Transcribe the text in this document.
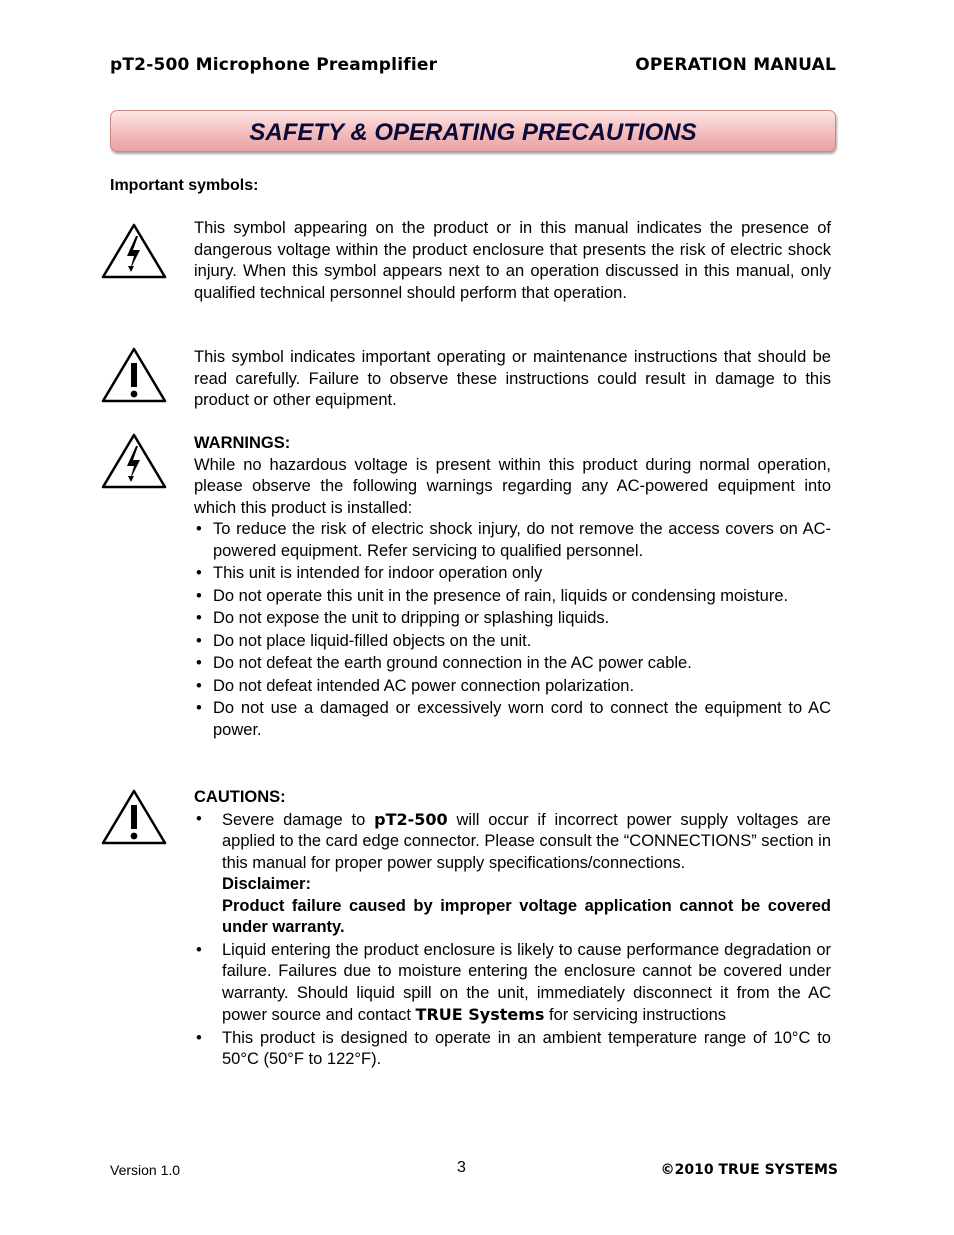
pT2-500 Microphone Preamplifier	OPERATION MANUAL
SAFETY & OPERATING PRECAUTIONS
Important symbols:
This symbol appearing on the product or in this manual indicates the presence of dangerous voltage within the product enclosure that presents the risk of electric shock injury. When this symbol appears next to an operation discussed in this manual, only qualified technical personnel should perform that operation.
This symbol indicates important operating or maintenance instructions that should be read carefully. Failure to observe these instructions could result in damage to this product or other equipment.

WARNINGS:

While no hazardous voltage is present within this product during normal operation, please observe the following warnings regarding any AC-powered equipment into which this product is installed:

• To reduce the risk of electric shock injury, do not remove the access covers on AC-powered equipment. Refer servicing to qualified personnel.
• This unit is intended for indoor operation only
• Do not operate this unit in the presence of rain, liquids or condensing moisture.
• Do not expose the unit to dripping or splashing liquids.
• Do not place liquid-filled objects on the unit.
• Do not defeat the earth ground connection in the AC power cable.
• Do not defeat intended AC power connection polarization.
• Do not use a damaged or excessively worn cord to connect the equipment to AC power.

CAUTIONS:

• Severe damage to pT2-500 will occur if incorrect power supply voltages are applied to the card edge connector. Please consult the “CONNECTIONS” section in this manual for proper power supply specifications/connections.
Disclaimer:
Product failure caused by improper voltage application cannot be covered under warranty.
• Liquid entering the product enclosure is likely to cause performance degradation or failure. Failures due to moisture entering the enclosure cannot be covered under warranty. Should liquid spill on the unit, immediately disconnect it from the AC power source and contact TRUE Systems for servicing instructions
• This product is designed to operate in an ambient temperature range of 10°C to 50°C (50°F to 122°F).
Version 1.0	3	©2010 TRUE SYSTEMS
